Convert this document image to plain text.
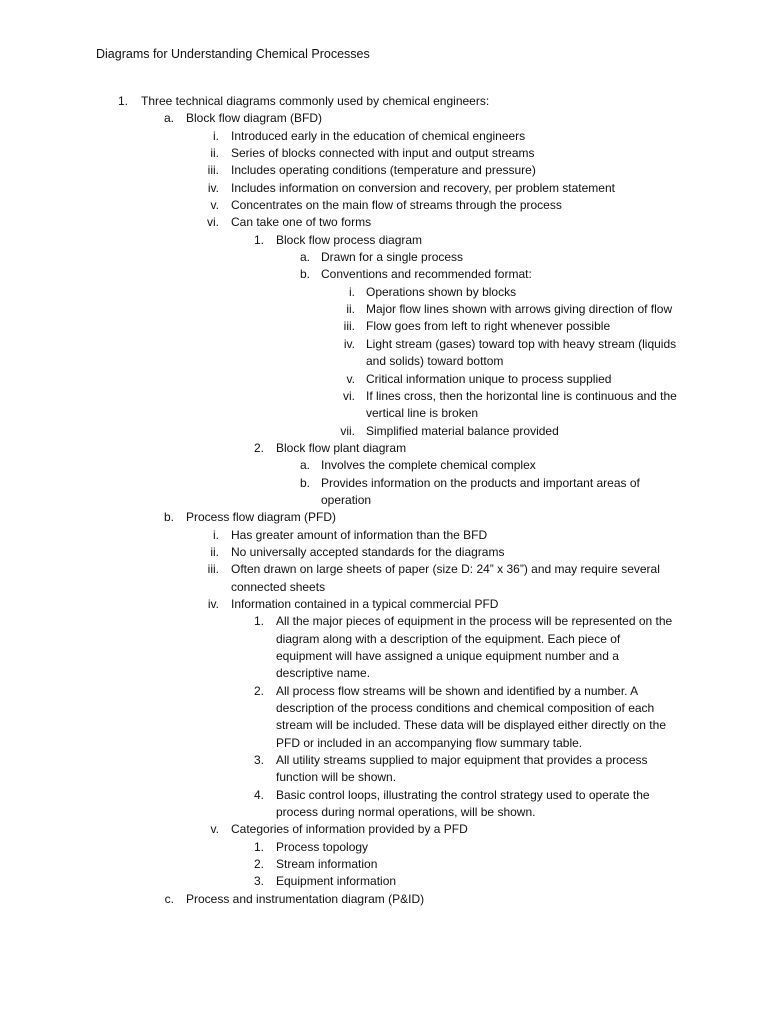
Diagrams for Understanding Chemical Processes
1. Three technical diagrams commonly used by chemical engineers:
a. Block flow diagram (BFD)
i. Introduced early in the education of chemical engineers
ii. Series of blocks connected with input and output streams
iii. Includes operating conditions (temperature and pressure)
iv. Includes information on conversion and recovery, per problem statement
v. Concentrates on the main flow of streams through the process
vi. Can take one of two forms
1. Block flow process diagram
a. Drawn for a single process
b. Conventions and recommended format:
i. Operations shown by blocks
ii. Major flow lines shown with arrows giving direction of flow
iii. Flow goes from left to right whenever possible
iv. Light stream (gases) toward top with heavy stream (liquids
and solids) toward bottom
v. Critical information unique to process supplied
vi. If lines cross, then the horizontal line is continuous and the
vertical line is broken
vii. Simplified material balance provided
2. Block flow plant diagram
a. Involves the complete chemical complex
b. Provides information on the products and important areas of
operation
b. Process flow diagram (PFD)
i. Has greater amount of information than the BFD
ii. No universally accepted standards for the diagrams
iii. Often drawn on large sheets of paper (size D: 24” x 36”) and may require several
connected sheets
iv. Information contained in a typical commercial PFD
1. All the major pieces of equipment in the process will be represented on the
diagram along with a description of the equipment. Each piece of
equipment will have assigned a unique equipment number and a
descriptive name.
2. All process flow streams will be shown and identified by a number. A
description of the process conditions and chemical composition of each
stream will be included. These data will be displayed either directly on the
PFD or included in an accompanying flow summary table.
3. All utility streams supplied to major equipment that provides a process
function will be shown.
4. Basic control loops, illustrating the control strategy used to operate the
process during normal operations, will be shown.
v. Categories of information provided by a PFD
1. Process topology
2. Stream information
3. Equipment information
c. Process and instrumentation diagram (P&ID)
